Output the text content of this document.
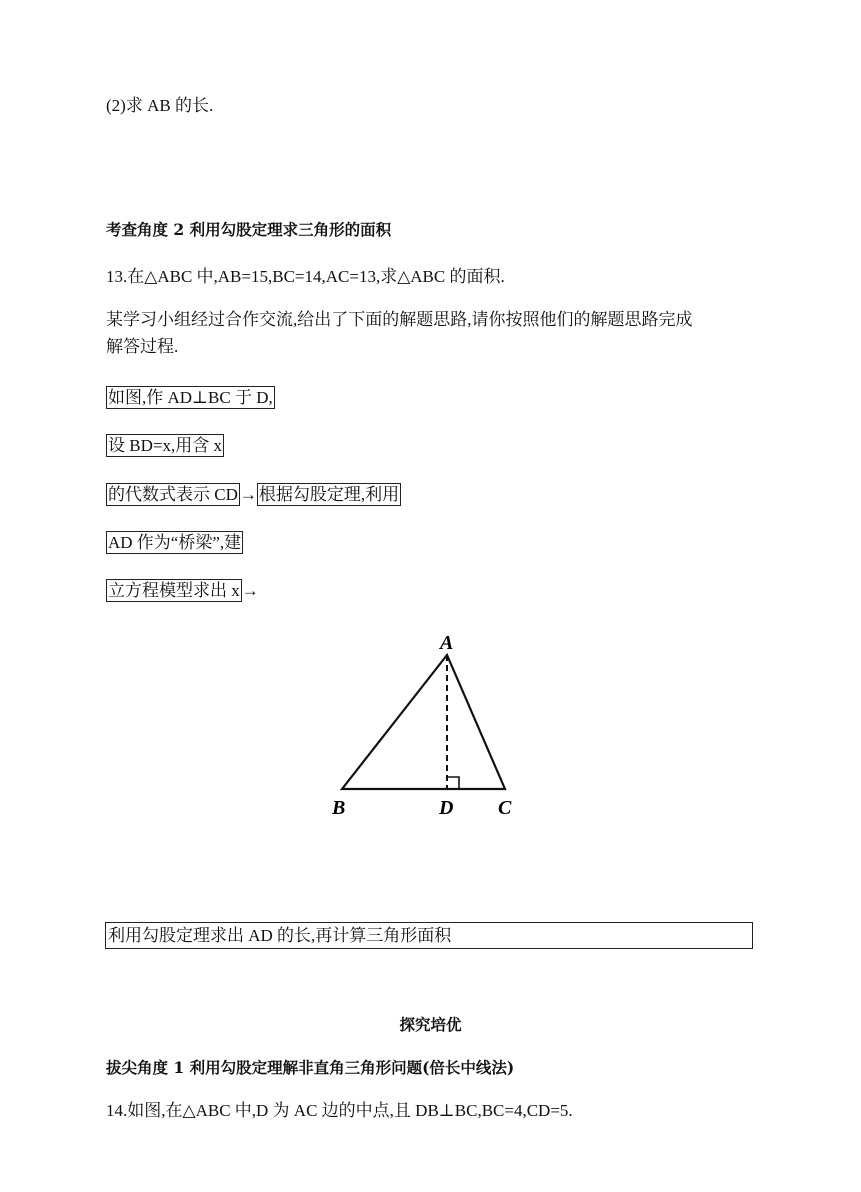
(2)求 AB 的长.
考查角度 2 利用勾股定理求三角形的面积
13.在△ABC 中,AB=15,BC=14,AC=13,求△ABC 的面积.
某学习小组经过合作交流,给出了下面的解题思路,请你按照他们的解题思路完成
解答过程.
如图,作 AD⊥BC 于 D,
设 BD=x,用含 x
的代数式表示 CD → 根据勾股定理,利用
AD 作为“桥梁”,建
立方程模型求出 x →
A
B	D C
利用勾股定理求出 AD 的长,再计算三角形面积
探究培优
拔尖角度 1 利用勾股定理解非直角三角形问题(倍长中线法)
14.如图,在△ABC 中,D 为 AC 边的中点,且 DB⊥BC,BC=4,CD=5.
